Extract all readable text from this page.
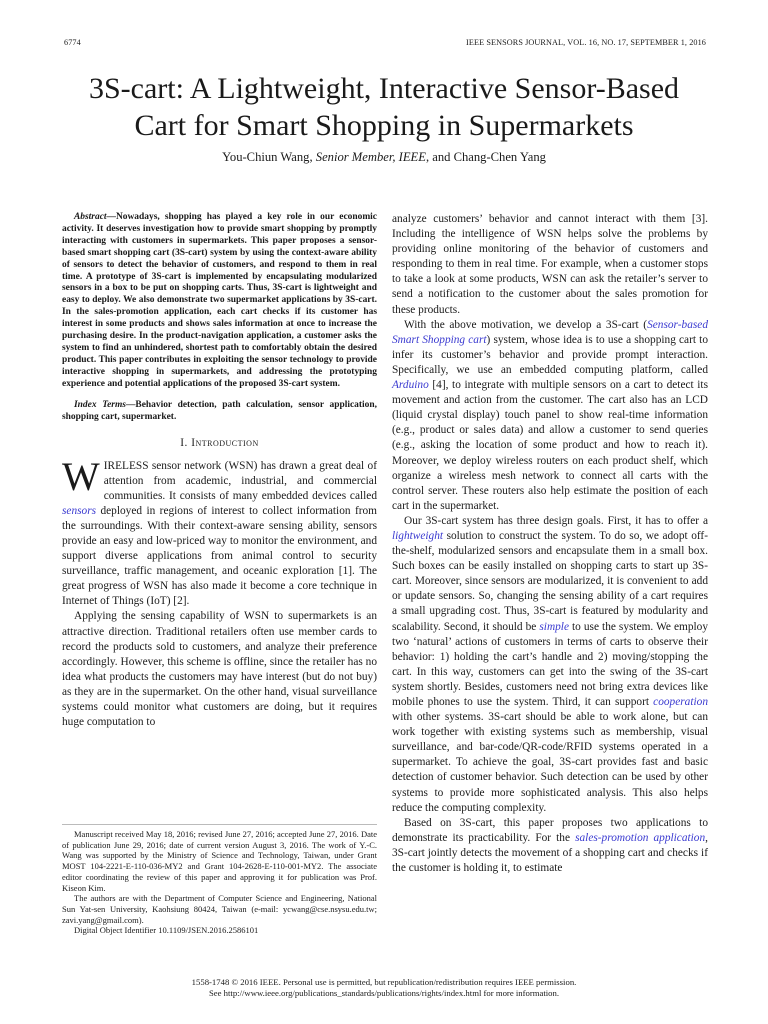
6774	IEEE SENSORS JOURNAL, VOL. 16, NO. 17, SEPTEMBER 1, 2016
3S-cart: A Lightweight, Interactive Sensor-Based
Cart for Smart Shopping in Supermarkets
You-Chiun Wang, Senior Member, IEEE, and Chang-Chen Yang

Abstract—Nowadays, shopping has played a key role in our economic activity. It deserves investigation how to provide smart shopping by promptly interacting with customers in supermarkets. This paper proposes a sensor-based smart shopping cart (3S-cart) system by using the context-aware ability of sensors to detect the behavior of customers, and respond to them in real time. A prototype of 3S-cart is implemented by encapsulating modularized sensors in a box to be put on shopping carts. Thus, 3S-cart is lightweight and easy to deploy. We also demonstrate two supermarket applications by 3S-cart. In the sales-promotion application, each cart checks if its customer has interest in some products and shows sales information at once to increase the purchasing desire. In the product-navigation application, a customer asks the system to find an unhindered, shortest path to comfortably obtain the desired product. This paper contributes in exploiting the sensor technology to provide interactive shopping in supermarkets, and addressing the prototyping experience and potential applications of the proposed 3S-cart system.

Index Terms—Behavior detection, path calculation, sensor application, shopping cart, supermarket.

I. Introduction

WIRELESS sensor network (WSN) has drawn a great deal of attention from academic, industrial, and commercial communities. It consists of many embedded devices called sensors deployed in regions of interest to collect information from the surroundings. With their context-aware sensing ability, sensors provide an easy and low-priced way to monitor the environment, and support diverse applications from animal control to security surveillance, traffic management, and oceanic exploration [1]. The great progress of WSN has also made it become a core technique in Internet of Things (IoT) [2].

Applying the sensing capability of WSN to supermarkets is an attractive direction. Traditional retailers often use member cards to record the products sold to customers, and analyze their preference accordingly. However, this scheme is offline, since the retailer has no idea what products the customers may have interest (but do not buy) as they are in the supermarket. On the other hand, visual surveillance systems could monitor what customers are doing, but it requires huge computation to

Manuscript received May 18, 2016; revised June 27, 2016; accepted June 27, 2016. Date of publication June 29, 2016; date of current version August 3, 2016. The work of Y.-C. Wang was supported by the Ministry of Science and Technology, Taiwan, under Grant MOST 104-2221-E-110-036-MY2 and Grant 104-2628-E-110-001-MY2. The associate editor coordinating the review of this paper and approving it for publication was Prof. Kiseon Kim.

The authors are with the Department of Computer Science and Engineering, National Sun Yat-sen University, Kaohsiung 80424, Taiwan (e-mail: ycwang@cse.nsysu.edu.tw; zavi.yang@gmail.com).

Digital Object Identifier 10.1109/JSEN.2016.2586101

analyze customers’ behavior and cannot interact with them [3]. Including the intelligence of WSN helps solve the problems by providing online monitoring of the behavior of customers and responding to them in real time. For example, when a customer stops to take a look at some products, WSN can ask the retailer’s server to send a notification to the customer about the sales promotion for these products.

With the above motivation, we develop a 3S-cart (Sensor-based Smart Shopping cart) system, whose idea is to use a shopping cart to infer its customer’s behavior and provide prompt interaction. Specifically, we use an embedded computing platform, called Arduino [4], to integrate with multiple sensors on a cart to detect its movement and action from the customer. The cart also has an LCD (liquid crystal display) touch panel to show real-time information (e.g., product or sales data) and allow a customer to send queries (e.g., asking the location of some product and how to reach it). Moreover, we deploy wireless routers on each product shelf, which organize a wireless mesh network to connect all carts with the control server. These routers also help estimate the position of each cart in the supermarket.

Our 3S-cart system has three design goals. First, it has to offer a lightweight solution to construct the system. To do so, we adopt off-the-shelf, modularized sensors and encapsulate them in a small box. Such boxes can be easily installed on shopping carts to start up 3S-cart. Moreover, since sensors are modularized, it is convenient to add or update sensors. So, changing the sensing ability of a cart requires a small upgrading cost. Thus, 3S-cart is featured by modularity and scalability. Second, it should be simple to use the system. We employ two ‘natural’ actions of customers in terms of carts to observe their behavior: 1) holding the cart’s handle and 2) moving/stopping the cart. In this way, customers can get into the swing of the 3S-cart system shortly. Besides, customers need not bring extra devices like mobile phones to use the system. Third, it can support cooperation with other systems. 3S-cart should be able to work alone, but can work together with existing systems such as membership, visual surveillance, and bar-code/QR-code/RFID systems operated in a supermarket. To achieve the goal, 3S-cart provides fast and basic detection of customer behavior. Such detection can be used by other systems to provide more sophisticated analysis. This also helps reduce the computing complexity.

Based on 3S-cart, this paper proposes two applications to demonstrate its practicability. For the sales-promotion application, 3S-cart jointly detects the movement of a shopping cart and checks if the customer is holding it, to estimate

1558-1748 © 2016 IEEE. Personal use is permitted, but republication/redistribution requires IEEE permission.
See http://www.ieee.org/publications_standards/publications/rights/index.html for more information.
